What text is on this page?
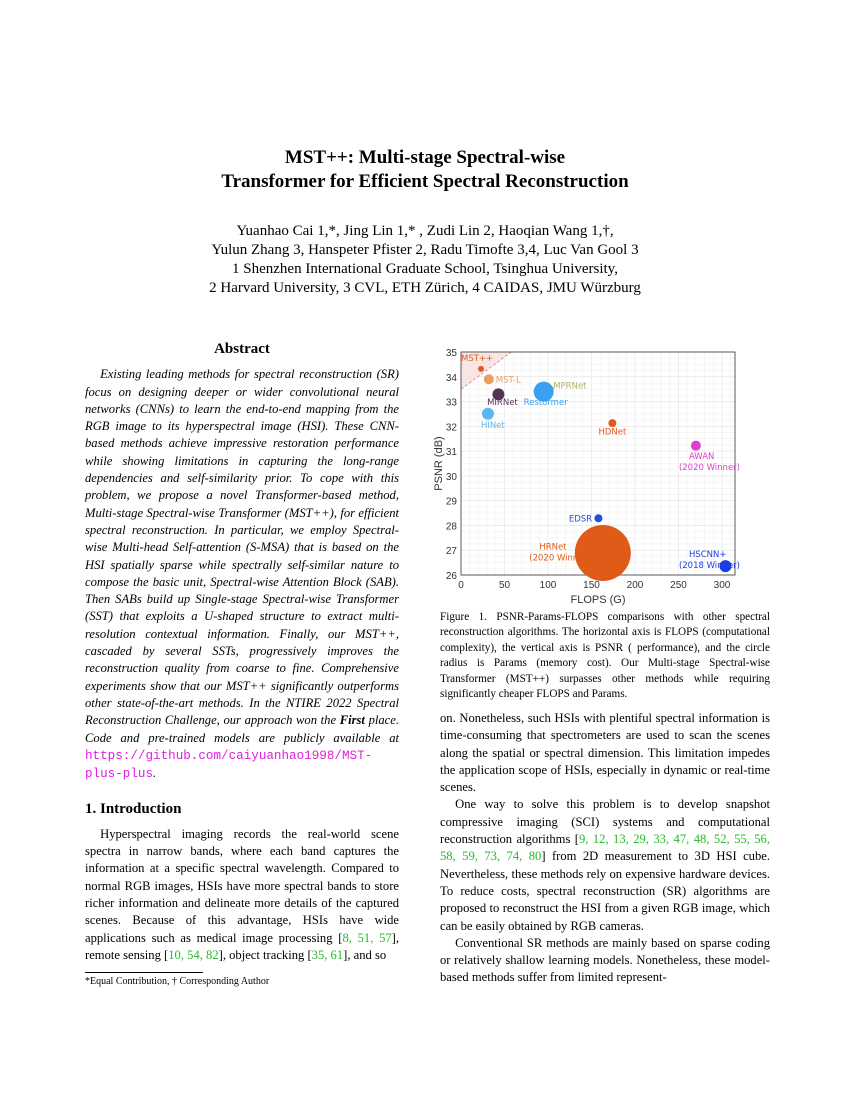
MST++: Multi-stage Spectral-wise
Transformer for Efficient Spectral Reconstruction
Yuanhao Cai 1,*, Jing Lin 1,* , Zudi Lin 2, Haoqian Wang 1,†,
Yulun Zhang 3, Hanspeter Pfister 2, Radu Timofte 3,4, Luc Van Gool 3
1 Shenzhen International Graduate School, Tsinghua University,
2 Harvard University, 3 CVL, ETH Zürich, 4 CAIDAS, JMU Würzburg
Abstract

Existing leading methods for spectral reconstruction (SR) focus on designing deeper or wider convolutional neural networks (CNNs) to learn the end-to-end mapping from the RGB image to its hyperspectral image (HSI). These CNN-based methods achieve impressive restoration performance while showing limitations in capturing the long-range dependencies and self-similarity prior. To cope with this problem, we propose a novel Transformer-based method, Multi-stage Spectral-wise Transformer (MST++), for efficient spectral reconstruction. In particular, we employ Spectral-wise Multi-head Self-attention (S-MSA) that is based on the HSI spatially sparse while spectrally self-similar nature to compose the basic unit, Spectral-wise Attention Block (SAB). Then SABs build up Single-stage Spectral-wise Transformer (SST) that exploits a U-shaped structure to extract multi-resolution contextual information. Finally, our MST++, cascaded by several SSTs, progressively improves the reconstruction quality from coarse to fine. Comprehensive experiments show that our MST++ significantly outperforms other state-of-the-art methods. In the NTIRE 2022 Spectral Reconstruction Challenge, our approach won the First place. Code and pre-trained models are publicly available at https://github.com/caiyuanhao1998/MST-plus-plus.

1. Introduction

Hyperspectral imaging records the real-world scene spectra in narrow bands, where each band captures the information at a specific spectral wavelength. Compared to normal RGB images, HSIs have more spectral bands to store richer information and delineate more details of the captured scenes. Because of this advantage, HSIs have wide applications such as medical image processing [8, 51, 57], remote sensing [10, 54, 82], object tracking [35, 61], and so

*Equal Contribution, † Corresponding Author
0	50	100	150	200	250	300
26
27
28
29
30
31
32
33
34
35
FLOPS (G)
PSNR (dB)
MST++
MST-L
MPRNet
Restormer
MIRNet
HINet
HDNet
AWAN
(2020 Winner)
EDSR
HRNet
(2020 Winner)	HSCNN+
(2018 Winner)
Figure 1. PSNR-Params-FLOPS comparisons with other spectral reconstruction algorithms. The horizontal axis is FLOPS (computational complexity), the vertical axis is PSNR ( performance), and the circle radius is Params (memory cost). Our Multi-stage Spectral-wise Transformer (MST++) surpasses other methods while requiring significantly cheaper FLOPS and Params.

on. Nonetheless, such HSIs with plentiful spectral information is time-consuming that spectrometers are used to scan the scenes along the spatial or spectral dimension. This limitation impedes the application scope of HSIs, especially in dynamic or real-time scenes.

One way to solve this problem is to develop snapshot compressive imaging (SCI) systems and computational reconstruction algorithms [9, 12, 13, 29, 33, 47, 48, 52, 55, 56, 58, 59, 73, 74, 80] from 2D measurement to 3D HSI cube. Nevertheless, these methods rely on expensive hardware devices. To reduce costs, spectral reconstruction (SR) algorithms are proposed to reconstruct the HSI from a given RGB image, which can be easily obtained by RGB cameras.

Conventional SR methods are mainly based on sparse coding or relatively shallow learning models. Nonetheless, these model-based methods suffer from limited represent-
